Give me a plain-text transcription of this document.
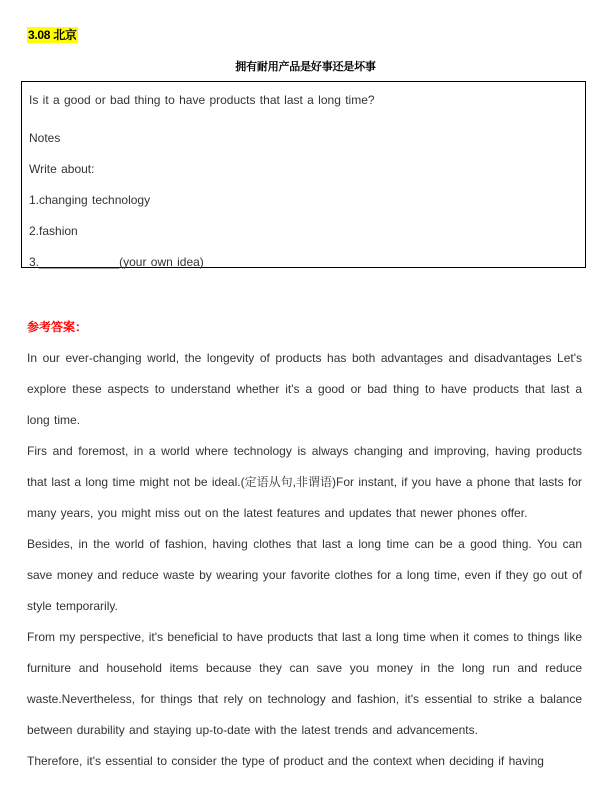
3.08 北京
拥有耐用产品是好事还是坏事
Is it a good or bad thing to have products that last a long time?
Notes
Write about:
1.changing technology
2.fashion
3.____________(your own idea)
参考答案：

In our ever-changing world, the longevity of products has both advantages and disadvantages Let's explore these aspects to understand whether it's a good or bad thing to have products that last a long time.

Firs and foremost, in a world where technology is always changing and improving, having products that last a long time might not be ideal.(定语从句,非谓语)For instant, if you have a phone that lasts for many years, you might miss out on the latest features and updates that newer phones offer.

Besides, in the world of fashion, having clothes that last a long time can be a good thing. You can save money and reduce waste by wearing your favorite clothes for a long time, even if they go out of style temporarily.

From my perspective, it's beneficial to have products that last a long time when it comes to things like furniture and household items because they can save you money in the long run and reduce waste.Nevertheless, for things that rely on technology and fashion, it's essential to strike a balance between durability and staying up-to-date with the latest trends and advancements.

Therefore, it's essential to consider the type of product and the context when deciding if having
